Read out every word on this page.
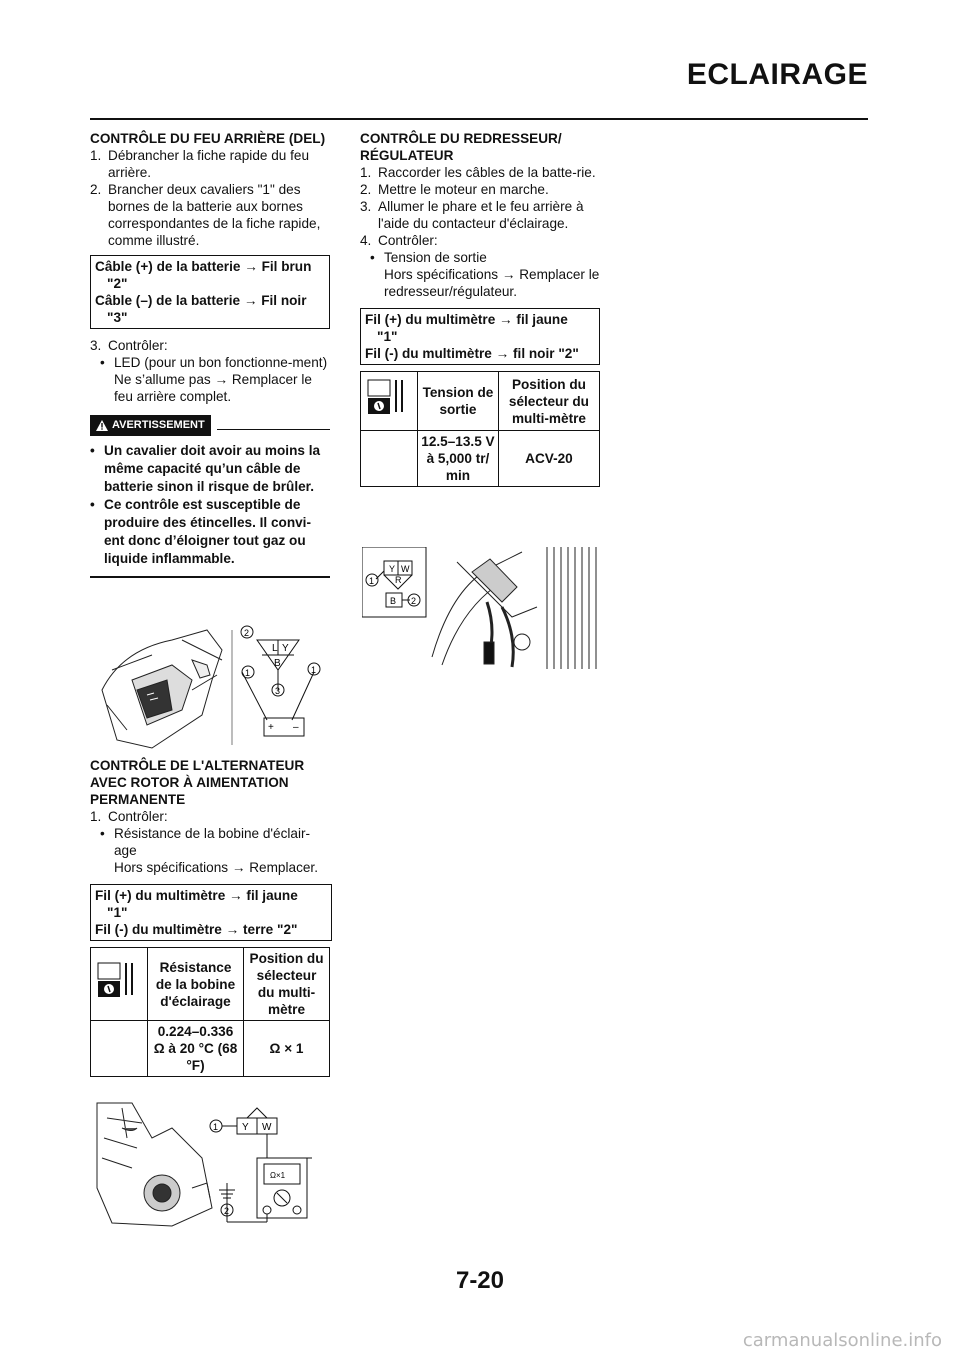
ECLAIRAGE
CONTRÔLE DU FEU ARRIÈRE (DEL)
1. Débrancher la fiche rapide du feu arrière.
2. Brancher deux cavaliers "1" des bornes de la batterie aux bornes correspondantes de la fiche rapide, comme illustré.
Câble (+) de la batterie → Fil brun
"2"
Câble (–) de la batterie → Fil noir
"3"
3. Contrôler:
• LED (pour un bon fonctionne-ment)
Ne s’allume pas → Remplacer le feu arrière complet.
AVERTISSEMENT
• Un cavalier doit avoir au moins la même capacité qu’un câble de batterie sinon il risque de brûler.
• Ce contrôle est susceptible de produire des étincelles. Il convi-ent donc d’éloigner tout gaz ou liquide inflammable.
L Y
B
1	1
2
3
+ –
CONTRÔLE DE L'ALTERNATEUR AVEC ROTOR À AIMENTATION PERMANENTE
1. Contrôler:
• Résistance de la bobine d'éclair-age
Hors spécifications → Remplacer.
Fil (+) du multimètre → fil jaune
"1"
Fil (-) du multimètre → terre "2"
	Résistance de la bobine d'éclairage	Position du sélecteur du multi-mètre
	0.224–0.336 Ω à 20 °C (68 °F)	Ω × 1
Y W
1
2
Ω×1
CONTRÔLE DU REDRESSEUR/ RÉGULATEUR
1. Raccorder les câbles de la batte-rie.
2. Mettre le moteur en marche.
3. Allumer le phare et le feu arrière à l'aide du contacteur d'éclairage.
4. Contrôler:
• Tension de sortie
Hors spécifications → Remplacer le redresseur/régulateur.
Fil (+) du multimètre → fil jaune
"1"
Fil (-) du multimètre → fil noir "2"
	Tension de sortie	Position du sélecteur du multi-mètre
	12.5–13.5 V à 5,000 tr/ min	ACV-20
Y W
R
B
1
2
7-20
carmanualsonline.info
